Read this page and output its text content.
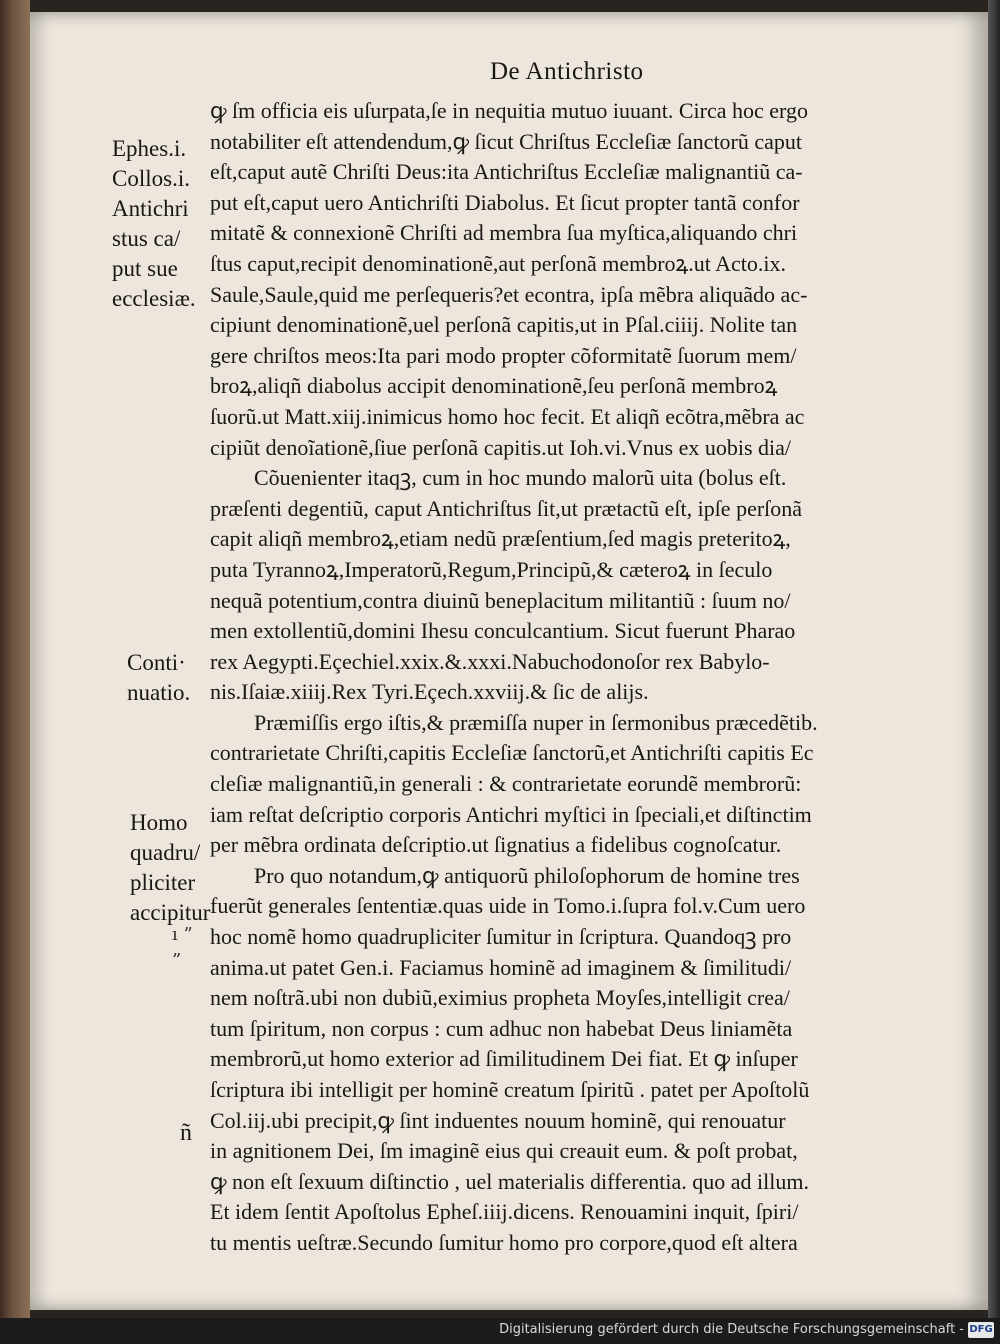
De Antichristo
Ephes.i.
Collos.i.
Antichri
stus ca/
put sue
ecclesiæ.
Conti·
nuatio.
Homo
quadru/
pliciter
accipitur
ı ”
”
ꝙ ſm officia eis uſurpata,ſe in nequitia mutuo iuuant. Circa hoc ergo
notabiliter eſt attendendum,ꝙ ſicut Chriſtus Eccleſiæ ſanctorũ caput
eſt,caput autẽ Chriſti Deus:ita Antichriſtus Eccleſiæ malignantiũ ca-
put eſt,caput uero Antichriſti Diabolus. Et ſicut propter tantã confor
mitatẽ & connexionẽ Chriſti ad membra ſua myſtica,aliquando chri
ſtus caput,recipit denominationẽ,aut perſonã membroꝝ.ut Acto.ix.
Saule,Saule,quid me perſequeris?et econtra, ipſa mẽbra aliquãdo ac-
cipiunt denominationẽ,uel perſonã capitis,ut in Pſal.ciiij. Nolite tan
gere chriſtos meos:Ita pari modo propter cõformitatẽ ſuorum mem/
broꝝ,aliqñ diabolus accipit denominationẽ,ſeu perſonã membroꝝ
ſuorũ.ut Matt.xiij.inimicus homo hoc fecit. Et aliqñ ecõtra,mẽbra ac
cipiũt denoĩationẽ,ſiue perſonã capitis.ut Ioh.vi.Vnus ex uobis dia/
Cõuenienter itaqꝫ, cum in hoc mundo malorũ uita (bolus eſt.
præſenti degentiũ, caput Antichriſtus ſit,ut prætactũ eſt, ipſe perſonã
capit aliqñ membroꝝ,etiam nedũ præſentium,ſed magis preteritoꝝ,
puta Tyrannoꝝ,Imperatorũ,Regum,Principũ,& cæteroꝝ in ſeculo
nequã potentium,contra diuinũ beneplacitum militantiũ : ſuum no/
men extollentiũ,domini Ihesu conculcantium. Sicut fuerunt Pharao
rex Aegypti.Eçechiel.xxix.&.xxxi.Nabuchodonoſor rex Babylo-
nis.Iſaiæ.xiiij.Rex Tyri.Eçech.xxviij.& ſic de alijs.
Præmiſſis ergo iſtis,& præmiſſa nuper in ſermonibus præcedẽtib.
contrarietate Chriſti,capitis Eccleſiæ ſanctorũ,et Antichriſti capitis Ec
cleſiæ malignantiũ,in generali : & contrarietate eorundẽ membrorũ:
iam reſtat deſcriptio corporis Antichri myſtici in ſpeciali,et diſtinctim
per mẽbra ordinata deſcriptio.ut ſignatius a fidelibus cognoſcatur.
Pro quo notandum,ꝙ antiquorũ philoſophorum de homine tres
fuerũt generales ſententiæ.quas uide in Tomo.i.ſupra fol.v.Cum uero
hoc nomẽ homo quadrupliciter ſumitur in ſcriptura. Quandoqꝫ pro
anima.ut patet Gen.i. Faciamus hominẽ ad imaginem & ſimilitudi/
nem noſtrã.ubi non dubiũ,eximius propheta Moyſes,intelligit crea/
tum ſpiritum, non corpus : cum adhuc non habebat Deus liniamẽta
membrorũ,ut homo exterior ad ſimilitudinem Dei fiat. Et ꝙ inſuper
ſcriptura ibi intelligit per hominẽ creatum ſpiritũ . patet per Apoſtolũ
Col.iij.ubi precipit,ꝙ ſint induentes nouum hominẽ, qui renouatur
in agnitionem Dei, ſm imaginẽ eius qui creauit eum. & poſt probat,
ꝙ non eſt ſexuum diſtinctio , uel materialis differentia. quo ad illum.
Et idem ſentit Apoſtolus Epheſ.iiij.dicens. Renouamini inquit, ſpiri/
tu mentis ueſtræ.Secundo ſumitur homo pro corpore,quod eſt altera
ñ
Digitalisierung gefördert durch die Deutsche Forschungsgemeinschaft - DFG
